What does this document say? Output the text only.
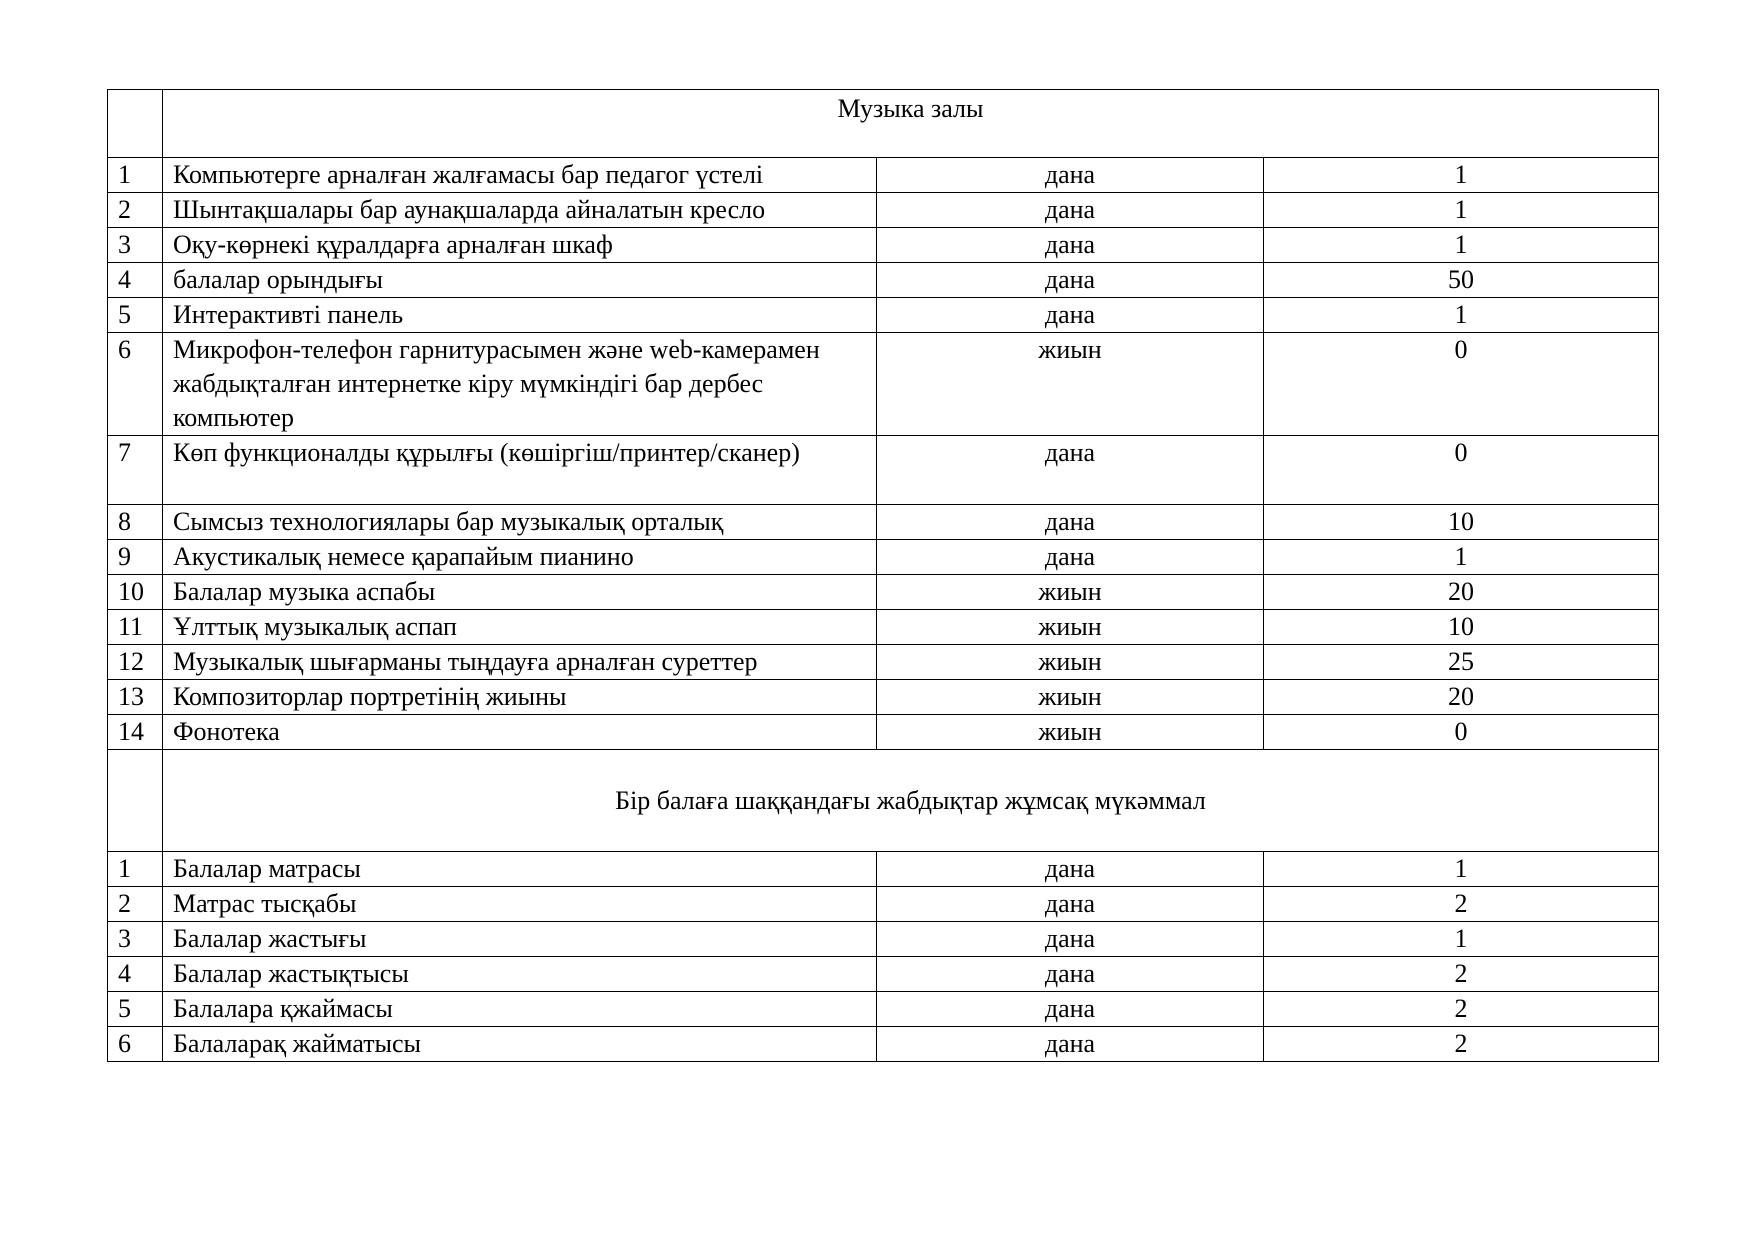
	Музыка залы		
1	Компьютерге арналған жалғамасы бар педагог үстелі	дана	1
2	Шынтақшалары бар аунақшаларда айналатын кресло	дана	1
3	Оқу-көрнекі құралдарға арналған шкаф	дана	1
4	балалар орындығы	дана	50
5	Интерактивті панель	дана	1
6	Микрофон-телефон гарнитурасымен және web-камерамен жабдықталған интернетке кіру мүмкіндігі бар дербес компьютер	жиын	0
7	Көп функционалды құрылғы (көшіргіш/принтер/сканер)	дана	0
8	Сымсыз технологиялары бар музыкалық орталық	дана	10
9	Акустикалық немесе қарапайым пианино	дана	1
10	Балалар музыка аспабы	жиын	20
11	Ұлттық музыкалық аспап	жиын	10
12	Музыкалық шығарманы тыңдауға арналған суреттер	жиын	25
13	Композиторлар портретінің жиыны	жиын	20
14	Фонотека	жиын	0
	Бір балаға шаққандағы жабдықтар жұмсақ мүкәммал		
1	Балалар матрасы	дана	1
2	Матрас тысқабы	дана	2
3	Балалар жастығы	дана	1
4	Балалар жастықтысы	дана	2
5	Балалара қжаймасы	дана	2
6	Балаларақ жайматысы	дана	2
